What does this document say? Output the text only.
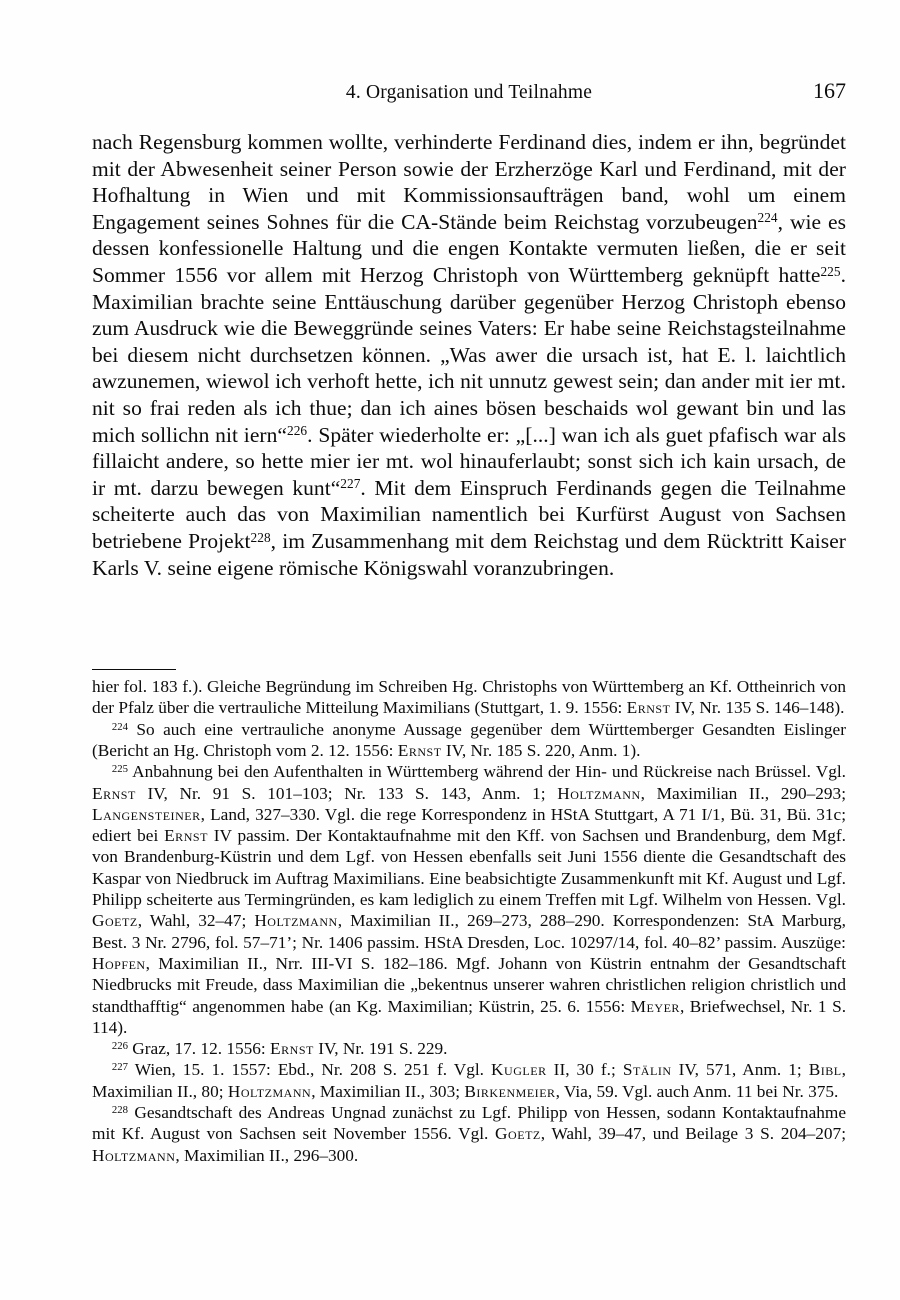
4. Organisation und Teilnahme	167

nach Regensburg kommen wollte, verhinderte Ferdinand dies, indem er ihn, begründet mit der Abwesenheit seiner Person sowie der Erzherzöge Karl und Ferdinand, mit der Hofhaltung in Wien und mit Kommissionsaufträgen band, wohl um einem Engagement seines Sohnes für die CA-Stände beim Reichstag vorzubeugen$^{224}$, wie es dessen konfessionelle Haltung und die engen Kontakte vermuten ließen, die er seit Sommer 1556 vor allem mit Herzog Christoph von Württemberg geknüpft hatte$^{225}$. Maximilian brachte seine Enttäuschung darüber gegenüber Herzog Christoph ebenso zum Ausdruck wie die Beweggründe seines Vaters: Er habe seine Reichstagsteilnahme bei diesem nicht durchsetzen können. „Was awer die ursach ist, hat E. l. laichtlich awzunemen, wiewol ich verhoft hette, ich nit unnutz gewest sein; dan ander mit ier mt. nit so frai reden als ich thue; dan ich aines bösen beschaids wol gewant bin und las mich sollichn nit iern“$^{226}$. Später wiederholte er: „[...] wan ich als guet pfafisch war als fillaicht andere, so hette mier ier mt. wol hinauferlaubt; sonst sich ich kain ursach, de ir mt. darzu bewegen kunt“$^{227}$. Mit dem Einspruch Ferdinands gegen die Teilnahme scheiterte auch das von Maximilian namentlich bei Kurfürst August von Sachsen betriebene Projekt$^{228}$, im Zusammenhang mit dem Reichstag und dem Rücktritt Kaiser Karls V. seine eigene römische Königswahl voranzubringen.

hier fol. 183 f.). Gleiche Begründung im Schreiben Hg. Christophs von Württemberg an Kf. Ottheinrich von der Pfalz über die vertrauliche Mitteilung Maximilians (Stuttgart, 1. 9. 1556: Ernst IV, Nr. 135 S. 146–148).

$^{224}$ So auch eine vertrauliche anonyme Aussage gegenüber dem Württemberger Gesandten Eislinger (Bericht an Hg. Christoph vom 2. 12. 1556: Ernst IV, Nr. 185 S. 220, Anm. 1).

$^{225}$ Anbahnung bei den Aufenthalten in Württemberg während der Hin- und Rückreise nach Brüssel. Vgl. Ernst IV, Nr. 91 S. 101–103; Nr. 133 S. 143, Anm. 1; Holtzmann, Maximilian II., 290–293; Langensteiner, Land, 327–330. Vgl. die rege Korrespondenz in HStA Stuttgart, A 71 I/1, Bü. 31, Bü. 31c; ediert bei Ernst IV passim. Der Kontaktaufnahme mit den Kff. von Sachsen und Brandenburg, dem Mgf. von Brandenburg-Küstrin und dem Lgf. von Hessen ebenfalls seit Juni 1556 diente die Gesandtschaft des Kaspar von Niedbruck im Auftrag Maximilians. Eine beabsichtigte Zusammenkunft mit Kf. August und Lgf. Philipp scheiterte aus Termingründen, es kam lediglich zu einem Treffen mit Lgf. Wilhelm von Hessen. Vgl. Goetz, Wahl, 32–47; Holtzmann, Maximilian II., 269–273, 288–290. Korrespondenzen: StA Marburg, Best. 3 Nr. 2796, fol. 57–71’; Nr. 1406 passim. HStA Dresden, Loc. 10297/14, fol. 40–82’ passim. Auszüge: Hopfen, Maximilian II., Nrr. III-VI S. 182–186. Mgf. Johann von Küstrin entnahm der Gesandtschaft Niedbrucks mit Freude, dass Maximilian die „bekentnus unserer wahren christlichen religion christlich und standthafftig“ angenommen habe (an Kg. Maximilian; Küstrin, 25. 6. 1556: Meyer, Briefwechsel, Nr. 1 S. 114).

$^{226}$ Graz, 17. 12. 1556: Ernst IV, Nr. 191 S. 229.

$^{227}$ Wien, 15. 1. 1557: Ebd., Nr. 208 S. 251 f. Vgl. Kugler II, 30 f.; Stälin IV, 571, Anm. 1; Bibl, Maximilian II., 80; Holtzmann, Maximilian II., 303; Birkenmeier, Via, 59. Vgl. auch Anm. 11 bei Nr. 375.

$^{228}$ Gesandtschaft des Andreas Ungnad zunächst zu Lgf. Philipp von Hessen, sodann Kontaktaufnahme mit Kf. August von Sachsen seit November 1556. Vgl. Goetz, Wahl, 39–47, und Beilage 3 S. 204–207; Holtzmann, Maximilian II., 296–300.
